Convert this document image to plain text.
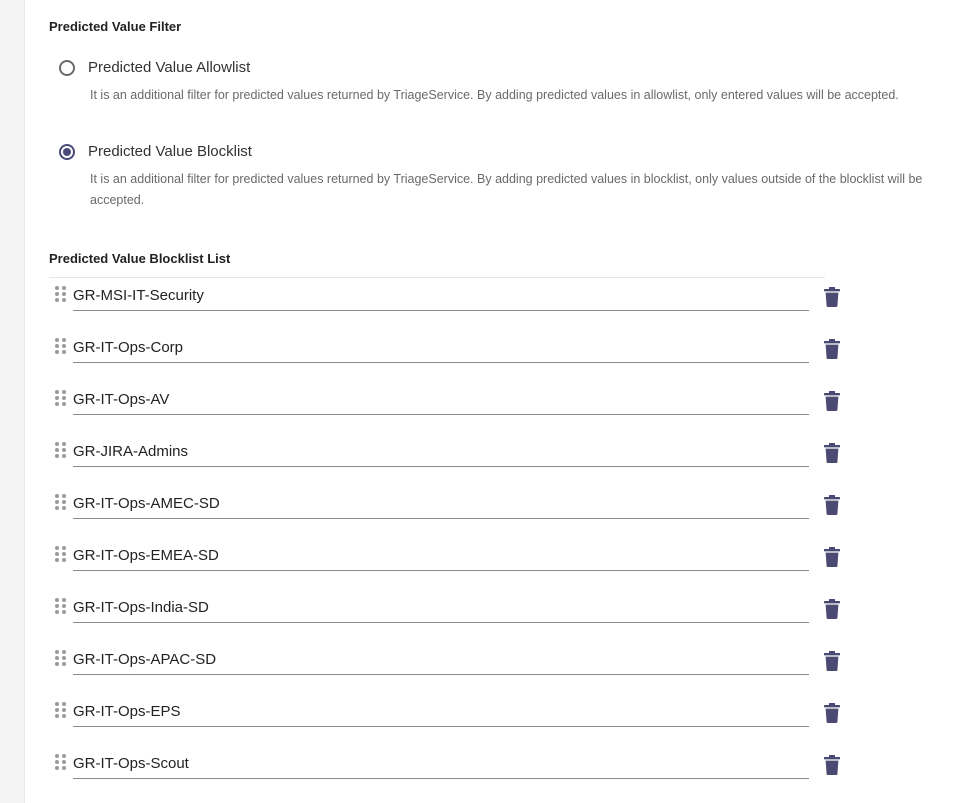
Predicted Value Filter
Predicted Value Allowlist
It is an additional filter for predicted values returned by TriageService. By adding predicted values in allowlist, only entered values will be accepted.
Predicted Value Blocklist
It is an additional filter for predicted values returned by TriageService. By adding predicted values in blocklist, only values outside of the blocklist will be accepted.
Predicted Value Blocklist List
GR-MSI-IT-Security
GR-IT-Ops-Corp
GR-IT-Ops-AV
GR-JIRA-Admins
GR-IT-Ops-AMEC-SD
GR-IT-Ops-EMEA-SD
GR-IT-Ops-India-SD
GR-IT-Ops-APAC-SD
GR-IT-Ops-EPS
GR-IT-Ops-Scout
